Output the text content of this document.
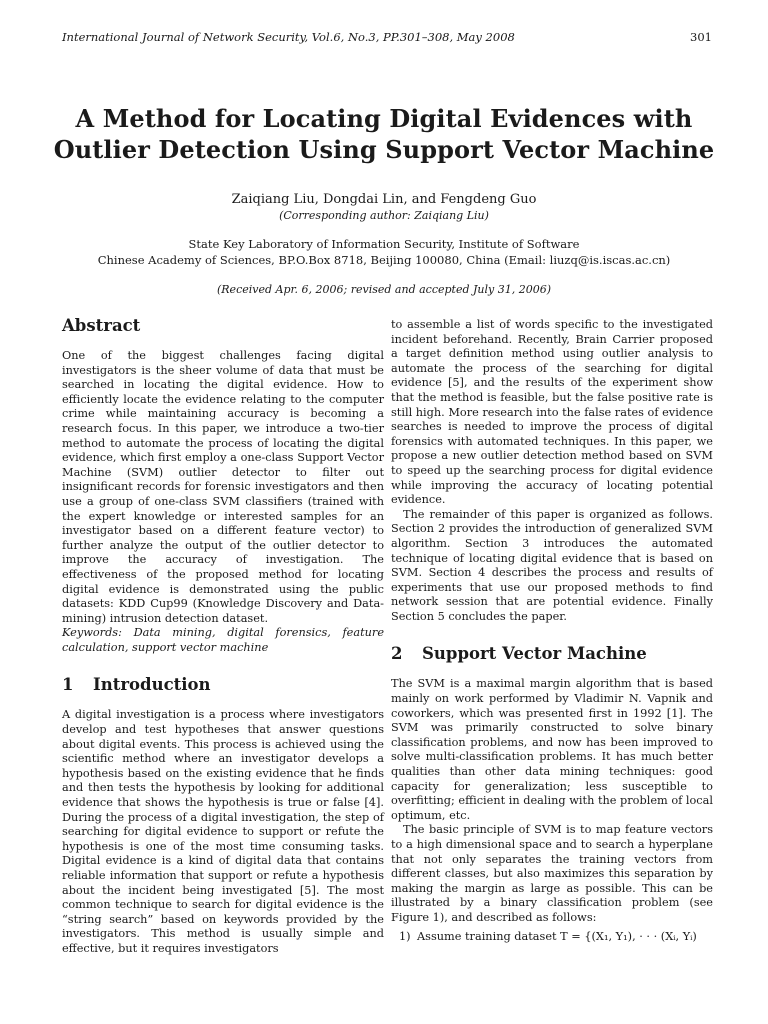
International Journal of Network Security, Vol.6, No.3, PP.301–308, May 2008	301
A Method for Locating Digital Evidences with
Outlier Detection Using Support Vector Machine
Zaiqiang Liu, Dongdai Lin, and Fengdeng Guo
(Corresponding author: Zaiqiang Liu)
State Key Laboratory of Information Security, Institute of Software
Chinese Academy of Sciences, BP.O.Box 8718, Beijing 100080, China (Email: liuzq@is.iscas.ac.cn)
(Received Apr. 6, 2006; revised and accepted July 31, 2006)
Abstract

One of the biggest challenges facing digital investigators is the sheer volume of data that must be searched in locating the digital evidence. How to efficiently locate the evidence relating to the computer crime while maintaining accuracy is becoming a research focus. In this paper, we introduce a two-tier method to automate the process of locating the digital evidence, which first employ a one-class Support Vector Machine (SVM) outlier detector to filter out insignificant records for forensic investigators and then use a group of one-class SVM classifiers (trained with the expert knowledge or interested samples for an investigator based on a different feature vector) to further analyze the output of the outlier detector to improve the accuracy of investigation. The effectiveness of the proposed method for locating digital evidence is demonstrated using the public datasets: KDD Cup99 (Knowledge Discovery and Data-mining) intrusion detection dataset.

Keywords: Data mining, digital forensics, feature calculation, support vector machine

1 Introduction

A digital investigation is a process where investigators develop and test hypotheses that answer questions about digital events. This process is achieved using the scientific method where an investigator develops a hypothesis based on the existing evidence that he finds and then tests the hypothesis by looking for additional evidence that shows the hypothesis is true or false [4]. During the process of a digital investigation, the step of searching for digital evidence to support or refute the hypothesis is one of the most time consuming tasks. Digital evidence is a kind of digital data that contains reliable information that support or refute a hypothesis about the incident being investigated [5]. The most common technique to search for digital evidence is the “string search” based on keywords provided by the investigators. This method is usually simple and effective, but it requires investigators

to assemble a list of words specific to the investigated incident beforehand. Recently, Brain Carrier proposed a target definition method using outlier analysis to automate the process of the searching for digital evidence [5], and the results of the experiment show that the method is feasible, but the false positive rate is still high. More research into the false rates of evidence searches is needed to improve the process of digital forensics with automated techniques. In this paper, we propose a new outlier detection method based on SVM to speed up the searching process for digital evidence while improving the accuracy of locating potential evidence.

The remainder of this paper is organized as follows. Section 2 provides the introduction of generalized SVM algorithm. Section 3 introduces the automated technique of locating digital evidence that is based on SVM. Section 4 describes the process and results of experiments that use our proposed methods to find network session that are potential evidence. Finally Section 5 concludes the paper.

2 Support Vector Machine

The SVM is a maximal margin algorithm that is based mainly on work performed by Vladimir N. Vapnik and coworkers, which was presented first in 1992 [1]. The SVM was primarily constructed to solve binary classification problems, and now has been improved to solve multi-classification problems. It has much better qualities than other data mining techniques: good capacity for generalization; less susceptible to overfitting; efficient in dealing with the problem of local optimum, etc.

The basic principle of SVM is to map feature vectors to a high dimensional space and to search a hyperplane that not only separates the training vectors from different classes, but also maximizes this separation by making the margin as large as possible. This can be illustrated by a binary classification problem (see Figure 1), and described as follows:

1) Assume training dataset T = {(X₁, Y₁), · · · (Xᵢ, Yᵢ)
